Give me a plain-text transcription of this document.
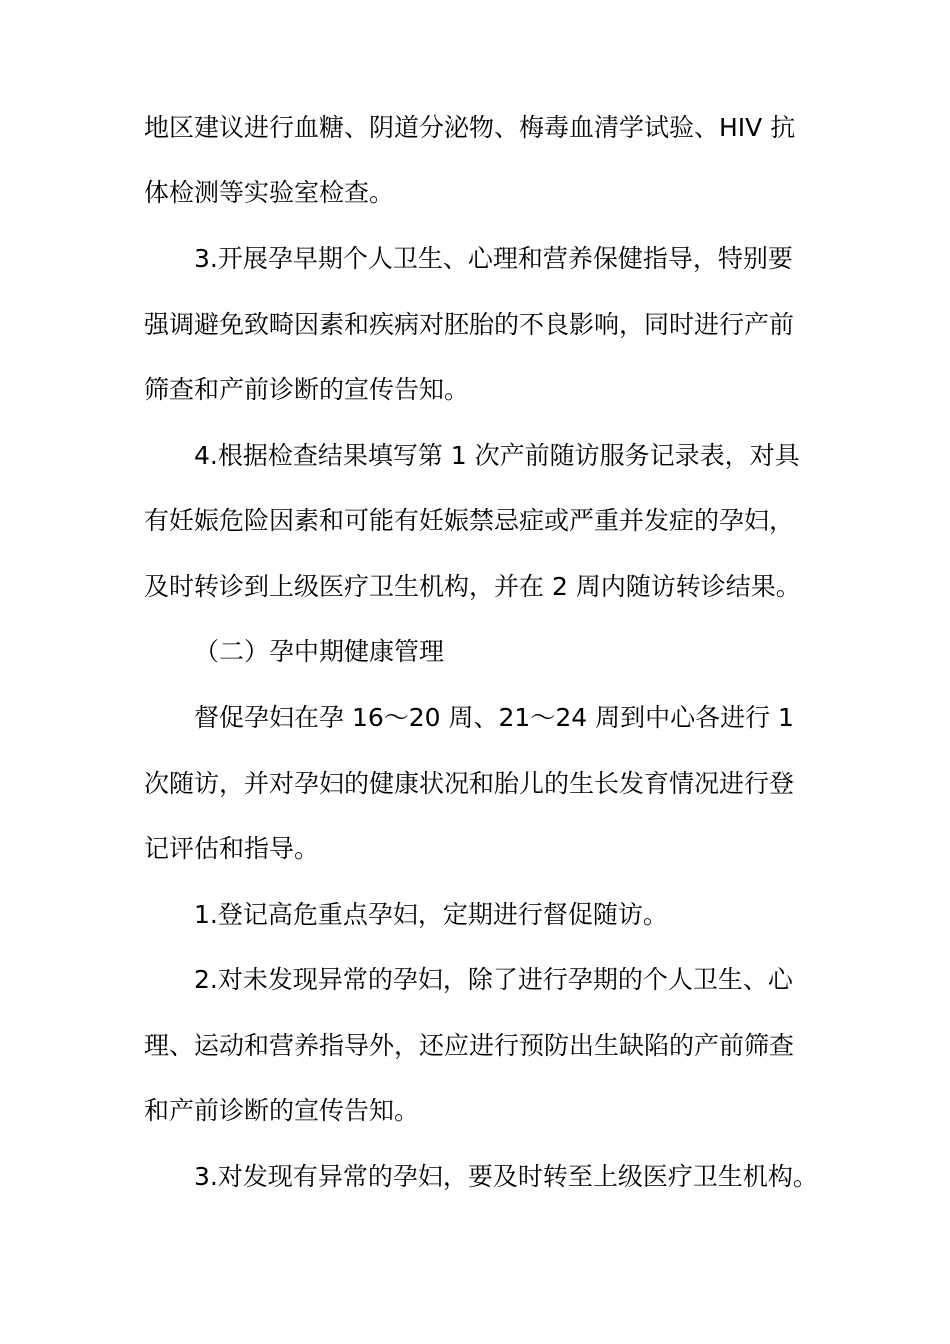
地区建议进行血糖、阴道分泌物、梅毒血清学试验、HIV 抗
体检测等实验室检查。
3.开展孕早期个人卫生、心理和营养保健指导，特别要
强调避免致畸因素和疾病对胚胎的不良影响，同时进行产前
筛查和产前诊断的宣传告知。
4.根据检查结果填写第 1 次产前随访服务记录表，对具
有妊娠危险因素和可能有妊娠禁忌症或严重并发症的孕妇，
及时转诊到上级医疗卫生机构，并在 2 周内随访转诊结果。
（二）孕中期健康管理
督促孕妇在孕 16～20 周、21～24 周到中心各进行 1
次随访，并对孕妇的健康状况和胎儿的生长发育情况进行登
记评估和指导。
1.登记高危重点孕妇，定期进行督促随访。
2.对未发现异常的孕妇，除了进行孕期的个人卫生、心
理、运动和营养指导外，还应进行预防出生缺陷的产前筛查
和产前诊断的宣传告知。
3.对发现有异常的孕妇，要及时转至上级医疗卫生机构。
